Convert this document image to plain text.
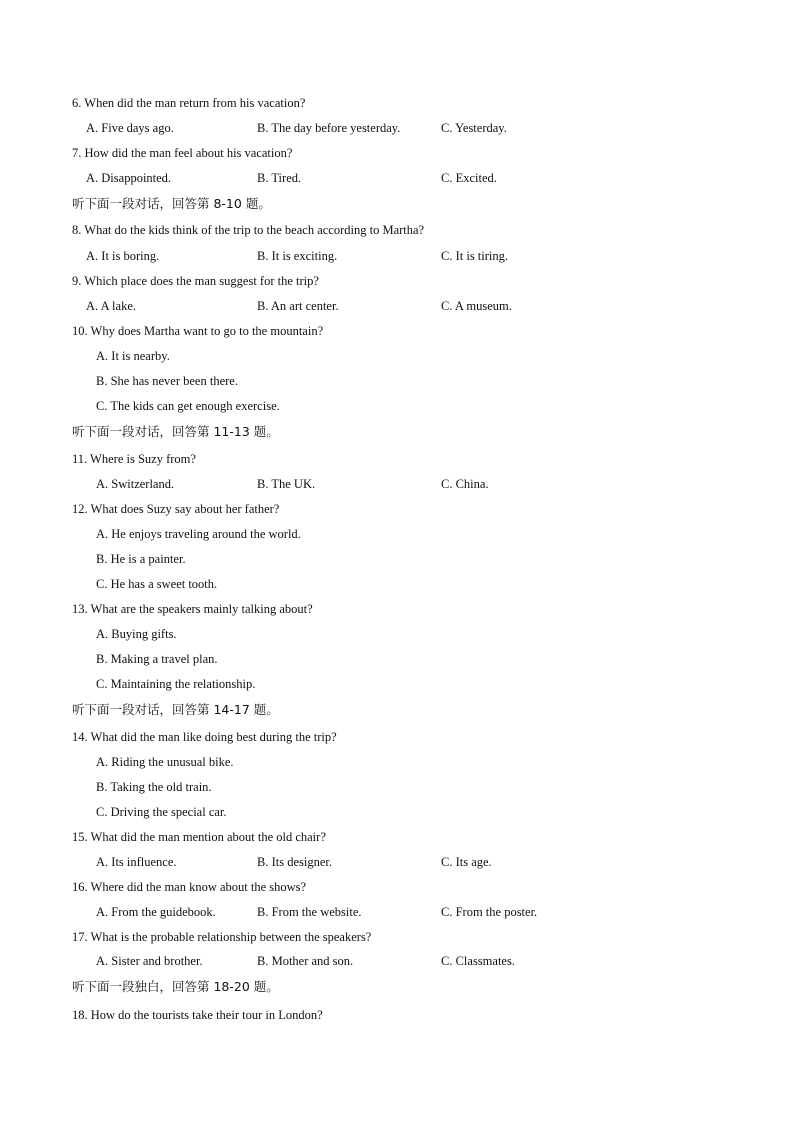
6. When did the man return from his vacation?
A. Five days ago.	B. The day before yesterday.	C. Yesterday.
7. How did the man feel about his vacation?
A. Disappointed.	B. Tired.	C. Excited.
听下面一段对话，回答第 8-10 题。
8. What do the kids think of the trip to the beach according to Martha?
A. It is boring.	B. It is exciting.	C. It is tiring.
9. Which place does the man suggest for the trip?
A. A lake.	B. An art center.	C. A museum.
10. Why does Martha want to go to the mountain?
A. It is nearby.
B. She has never been there.
C. The kids can get enough exercise.
听下面一段对话，回答第 11-13 题。
11. Where is Suzy from?
A. Switzerland.	B. The UK.	C. China.
12. What does Suzy say about her father?
A. He enjoys traveling around the world.
B. He is a painter.
C. He has a sweet tooth.
13. What are the speakers mainly talking about?
A. Buying gifts.
B. Making a travel plan.
C. Maintaining the relationship.
听下面一段对话，回答第 14-17 题。
14. What did the man like doing best during the trip?
A. Riding the unusual bike.
B. Taking the old train.
C. Driving the special car.
15. What did the man mention about the old chair?
A. Its influence.	B. Its designer.	C. Its age.
16. Where did the man know about the shows?
A. From the guidebook.	B. From the website.	C. From the poster.
17. What is the probable relationship between the speakers?
A. Sister and brother.	B. Mother and son.	C. Classmates.
听下面一段独白，回答第 18-20 题。
18. How do the tourists take their tour in London?
